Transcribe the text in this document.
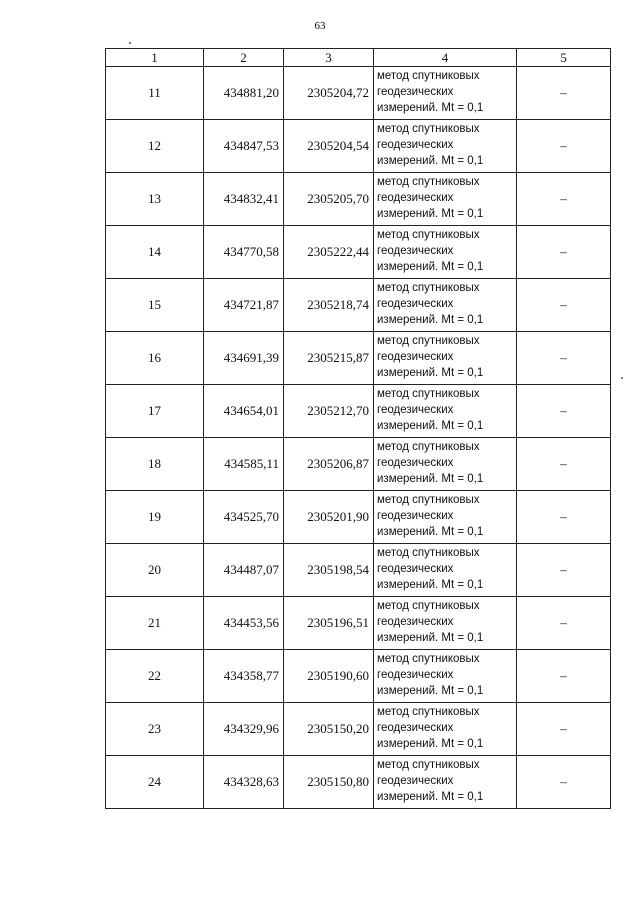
63
1	2	3	4	5
11	434881,20	2305204,72	метод спутниковых
геодезических
измерений. Mt = 0,1	–
12	434847,53	2305204,54	метод спутниковых
геодезических
измерений. Mt = 0,1	–
13	434832,41	2305205,70	метод спутниковых
геодезических
измерений. Mt = 0,1	–
14	434770,58	2305222,44	метод спутниковых
геодезических
измерений. Mt = 0,1	–
15	434721,87	2305218,74	метод спутниковых
геодезических
измерений. Mt = 0,1	–
16	434691,39	2305215,87	метод спутниковых
геодезических
измерений. Mt = 0,1	–
17	434654,01	2305212,70	метод спутниковых
геодезических
измерений. Mt = 0,1	–
18	434585,11	2305206,87	метод спутниковых
геодезических
измерений. Mt = 0,1	–
19	434525,70	2305201,90	метод спутниковых
геодезических
измерений. Mt = 0,1	–
20	434487,07	2305198,54	метод спутниковых
геодезических
измерений. Mt = 0,1	–
21	434453,56	2305196,51	метод спутниковых
геодезических
измерений. Mt = 0,1	–
22	434358,77	2305190,60	метод спутниковых
геодезических
измерений. Mt = 0,1	–
23	434329,96	2305150,20	метод спутниковых
геодезических
измерений. Mt = 0,1	–
24	434328,63	2305150,80	метод спутниковых
геодезических
измерений. Mt = 0,1	–
